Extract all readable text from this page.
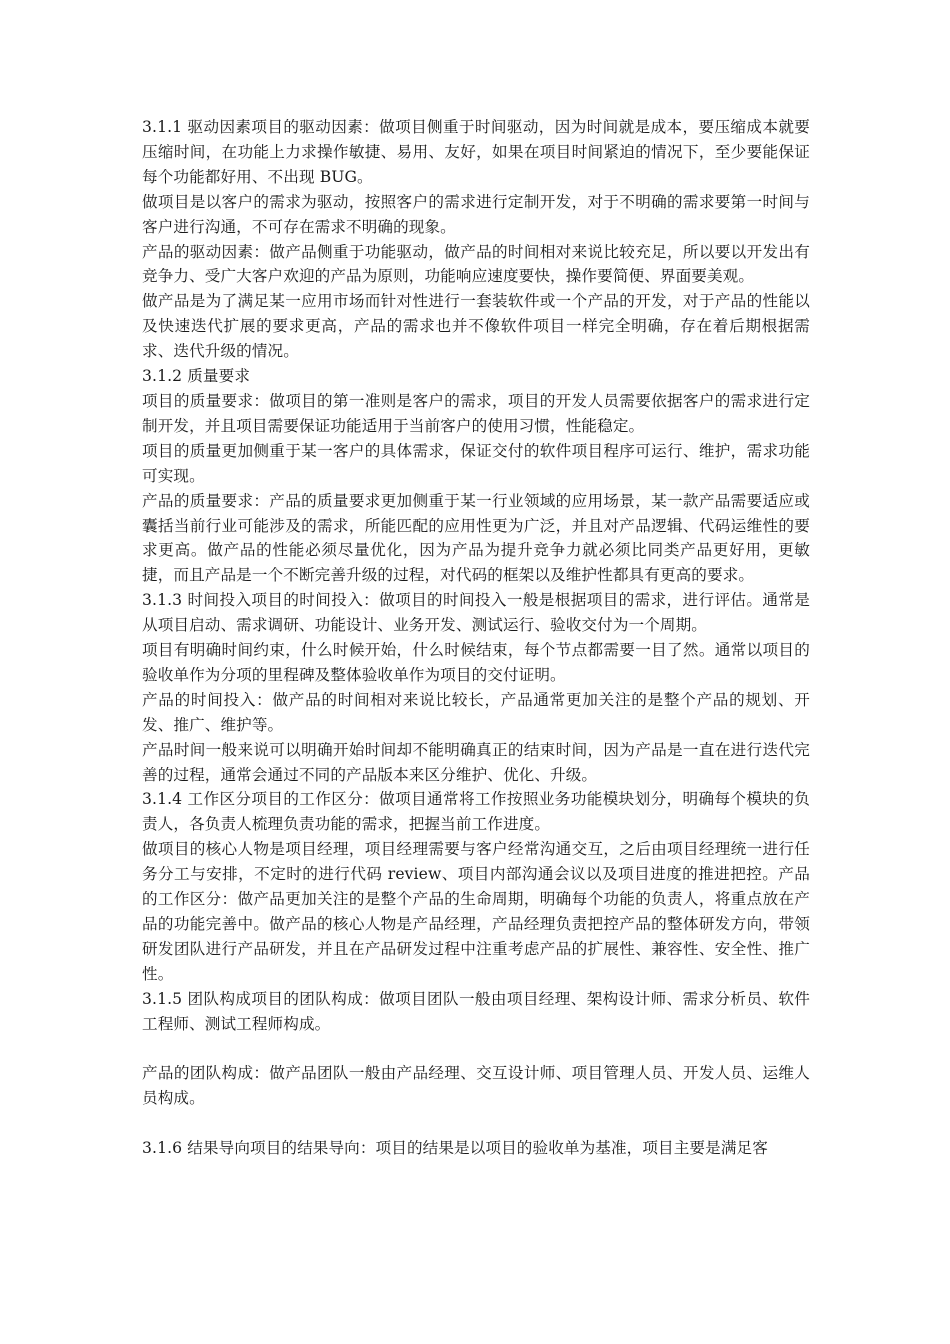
3.1.1 驱动因素项目的驱动因素：做项目侧重于时间驱动，因为时间就是成本，要压缩成本就要压缩时间，在功能上力求操作敏捷、易用、友好，如果在项目时间紧迫的情况下，至少要能保证每个功能都好用、不出现 BUG。

做项目是以客户的需求为驱动，按照客户的需求进行定制开发，对于不明确的需求要第一时间与客户进行沟通，不可存在需求不明确的现象。

产品的驱动因素：做产品侧重于功能驱动，做产品的时间相对来说比较充足，所以要以开发出有竞争力、受广大客户欢迎的产品为原则，功能响应速度要快，操作要简便、界面要美观。

做产品是为了满足某一应用市场而针对性进行一套装软件或一个产品的开发，对于产品的性能以及快速迭代扩展的要求更高，产品的需求也并不像软件项目一样完全明确，存在着后期根据需求、迭代升级的情况。

3.1.2 质量要求

项目的质量要求：做项目的第一准则是客户的需求，项目的开发人员需要依据客户的需求进行定制开发，并且项目需要保证功能适用于当前客户的使用习惯，性能稳定。

项目的质量更加侧重于某一客户的具体需求，保证交付的软件项目程序可运行、维护，需求功能可实现。

产品的质量要求：产品的质量要求更加侧重于某一行业领域的应用场景，某一款产品需要适应或囊括当前行业可能涉及的需求，所能匹配的应用性更为广泛，并且对产品逻辑、代码运维性的要求更高。做产品的性能必须尽量优化，因为产品为提升竞争力就必须比同类产品更好用，更敏捷，而且产品是一个不断完善升级的过程，对代码的框架以及维护性都具有更高的要求。

3.1.3 时间投入项目的时间投入：做项目的时间投入一般是根据项目的需求，进行评估。通常是从项目启动、需求调研、功能设计、业务开发、测试运行、验收交付为一个周期。

项目有明确时间约束，什么时候开始，什么时候结束，每个节点都需要一目了然。通常以项目的验收单作为分项的里程碑及整体验收单作为项目的交付证明。

产品的时间投入：做产品的时间相对来说比较长，产品通常更加关注的是整个产品的规划、开发、推广、维护等。

产品时间一般来说可以明确开始时间却不能明确真正的结束时间，因为产品是一直在进行迭代完善的过程，通常会通过不同的产品版本来区分维护、优化、升级。

3.1.4 工作区分项目的工作区分：做项目通常将工作按照业务功能模块划分，明确每个模块的负责人，各负责人梳理负责功能的需求，把握当前工作进度。

做项目的核心人物是项目经理，项目经理需要与客户经常沟通交互，之后由项目经理统一进行任务分工与安排，不定时的进行代码 review、项目内部沟通会议以及项目进度的推进把控。产品的工作区分：做产品更加关注的是整个产品的生命周期，明确每个功能的负责人，将重点放在产品的功能完善中。做产品的核心人物是产品经理，产品经理负责把控产品的整体研发方向，带领研发团队进行产品研发，并且在产品研发过程中注重考虑产品的扩展性、兼容性、安全性、推广性。

3.1.5 团队构成项目的团队构成：做项目团队一般由项目经理、架构设计师、需求分析员、软件工程师、测试工程师构成。

产品的团队构成：做产品团队一般由产品经理、交互设计师、项目管理人员、开发人员、运维人员构成。

3.1.6 结果导向项目的结果导向：项目的结果是以项目的验收单为基准，项目主要是满足客
